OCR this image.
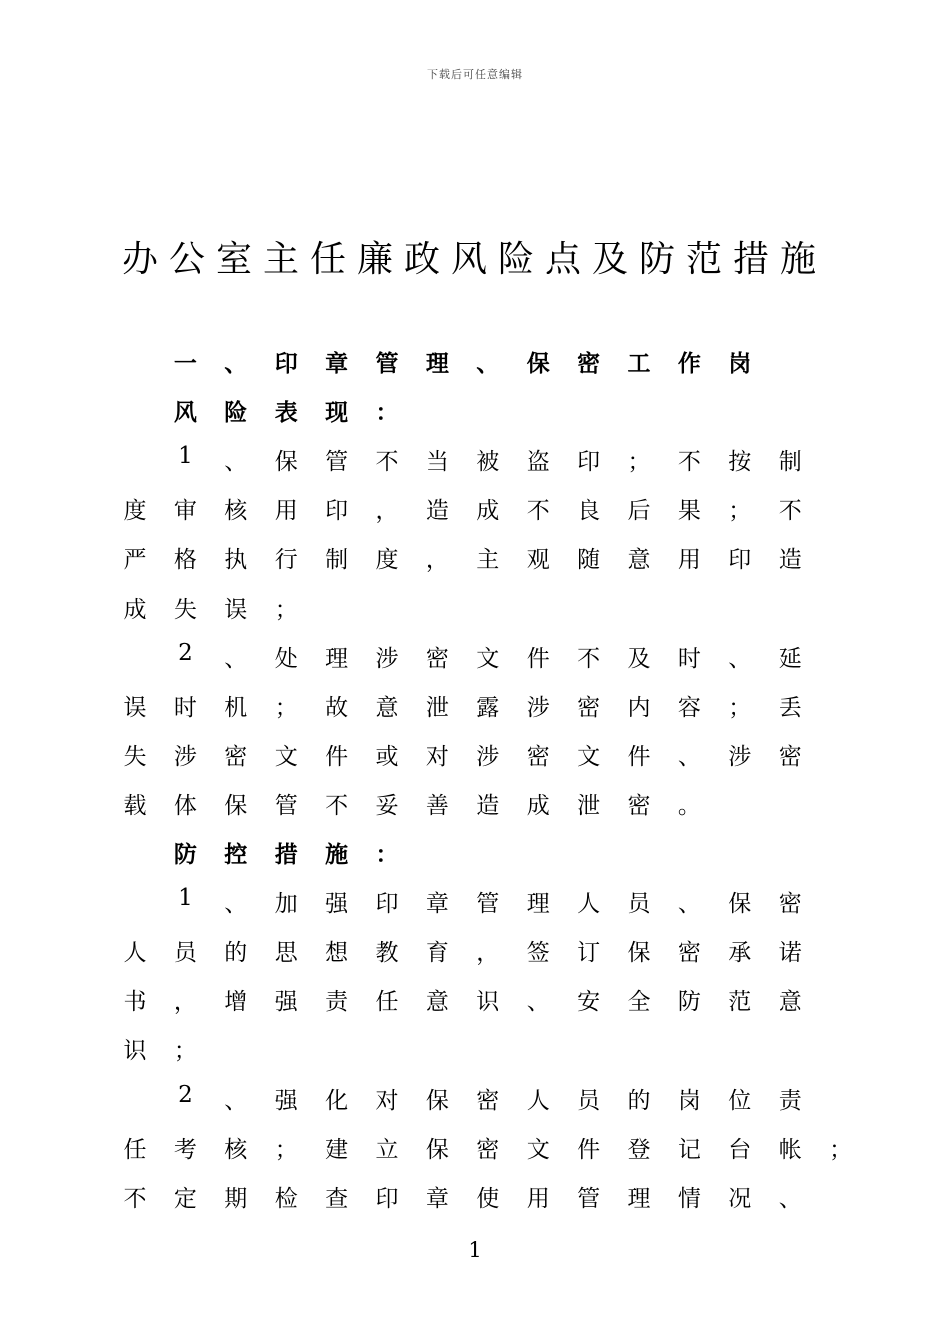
下载后可任意编辑
办公室主任廉政风险点及防范措施
一	、	印	章	管	理	、	保	密	工	作	岗
风	险	表	现	：
1	、	保	管	不	当	被	盗	印	；	不	按	制
度	审	核	用	印	，	造	成	不	良	后	果	；	不
严	格	执	行	制	度	，	主	观	随	意	用	印	造
成	失	误	；
2	、	处	理	涉	密	文	件	不	及	时	、	延
误	时	机	；	故	意	泄	露	涉	密	内	容	；	丢
失	涉	密	文	件	或	对	涉	密	文	件	、	涉	密
载	体	保	管	不	妥	善	造	成	泄	密	。
防	控	措	施	：
1	、	加	强	印	章	管	理	人	员	、	保	密
人	员	的	思	想	教	育	，	签	订	保	密	承	诺
书	，	增	强	责	任	意	识	、	安	全	防	范	意
识	；
2	、	强	化	对	保	密	人	员	的	岗	位	责
任	考	核	；	建	立	保	密	文	件	登	记	台	帐	；
不	定	期	检	查	印	章	使	用	管	理	情	况	、
1
